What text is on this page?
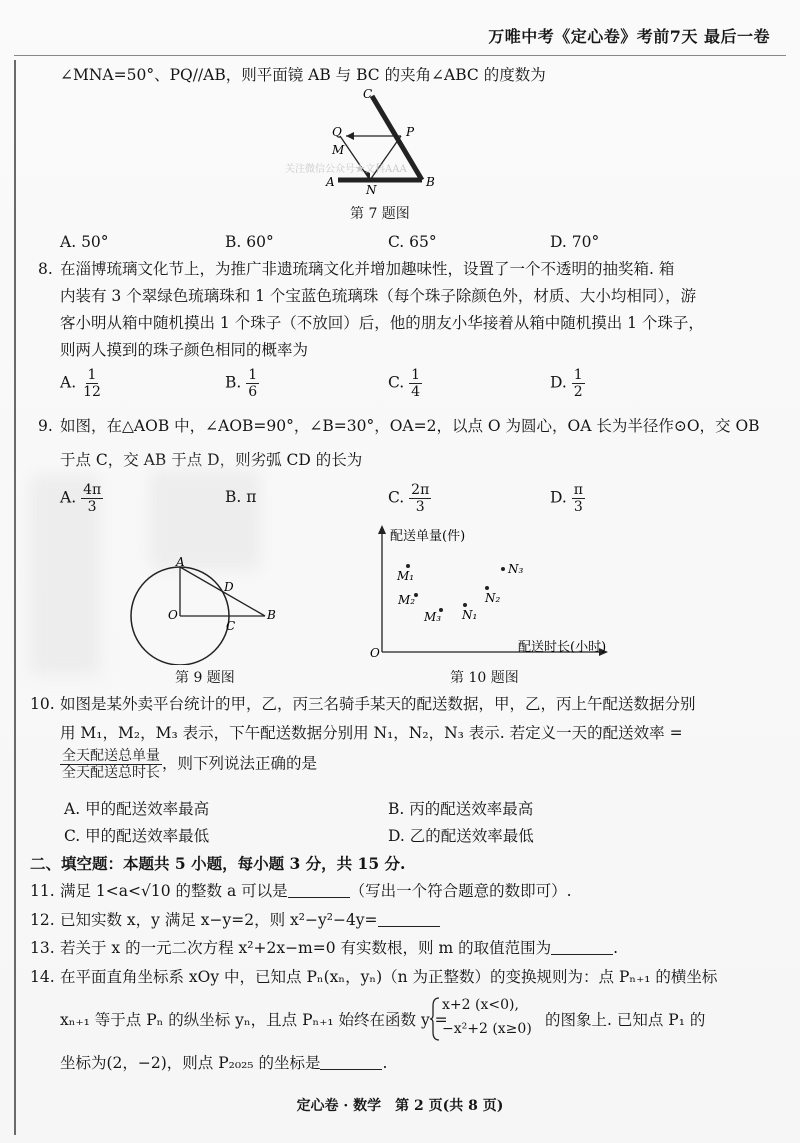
万唯中考《定心卷》考前7天 最后一卷
∠MNA=50°、PQ//AB，则平面镜 AB 与 BC 的夹角∠ABC 的度数为
C
Q	P
M
A
N
B
关注微信公众号★文科AAA
第 7 题图
A. 50°	B. 60°	C. 65°	D. 70°
8. 在淄博琉璃文化节上，为推广非遗琉璃文化并增加趣味性，设置了一个不透明的抽奖箱. 箱
内装有 3 个翠绿色琉璃珠和 1 个宝蓝色琉璃珠（每个珠子除颜色外，材质、大小均相同），游
客小明从箱中随机摸出 1 个珠子（不放回）后，他的朋友小华接着从箱中随机摸出 1 个珠子，
则两人摸到的珠子颜色相同的概率为
A. $\frac{1}{12}$	B. $\frac{1}{6}$	C. $\frac{1}{4}$	D. $\frac{1}{2}$
9. 如图，在△AOB 中，∠AOB=90°，∠B=30°，OA=2，以点 O 为圆心，OA 长为半径作⊙O，交 OB
于点 C，交 AB 于点 D，则劣弧 CD 的长为
A. $\frac{4\pi}{3}$	B. π	C. $\frac{2\pi}{3}$	D. $\frac{\pi}{3}$
A
D
O
C
B
第 9 题图
配送单量(件)
配送时长(小时)
O
M₁
M₂
M₃ N₁
N₂
N₃
第 10 题图
10. 如图是某外卖平台统计的甲，乙，丙三名骑手某天的配送数据，甲，乙，丙上午配送数据分别
用 M₁，M₂，M₃ 表示，下午配送数据分别用 N₁，N₂，N₃ 表示. 若定义一天的配送效率 =
$\frac{\text{全天配送总单量}}{\text{全天配送总时长}}$ ，则下列说法正确的是
A. 甲的配送效率最高	B. 丙的配送效率最高
C. 甲的配送效率最低	D. 乙的配送效率最低
二、填空题：本题共 5 小题，每小题 3 分，共 15 分.
11. 满足 1<a<√10 的整数 a 可以是	（写出一个符合题意的数即可）.
12. 已知实数 x，y 满足 x−y=2，则 x²−y²−4y=
13. 若关于 x 的一元二次方程 x²+2x−m=0 有实数根，则 m 的取值范围为	.
14. 在平面直角坐标系 xOy 中，已知点 Pₙ(xₙ，yₙ)（n 为正整数）的变换规则为：点 Pₙ₊₁ 的横坐标
xₙ₊₁ 等于点 Pₙ 的纵坐标 yₙ，且点 Pₙ₊₁ 始终在函数 y =
x+2 (x<0),
−x²+2 (x≥0) 的图象上. 已知点 P₁ 的
坐标为(2，−2)，则点 P₂₀₂₅ 的坐标是	.
定心卷 · 数学　第 2 页(共 8 页)
